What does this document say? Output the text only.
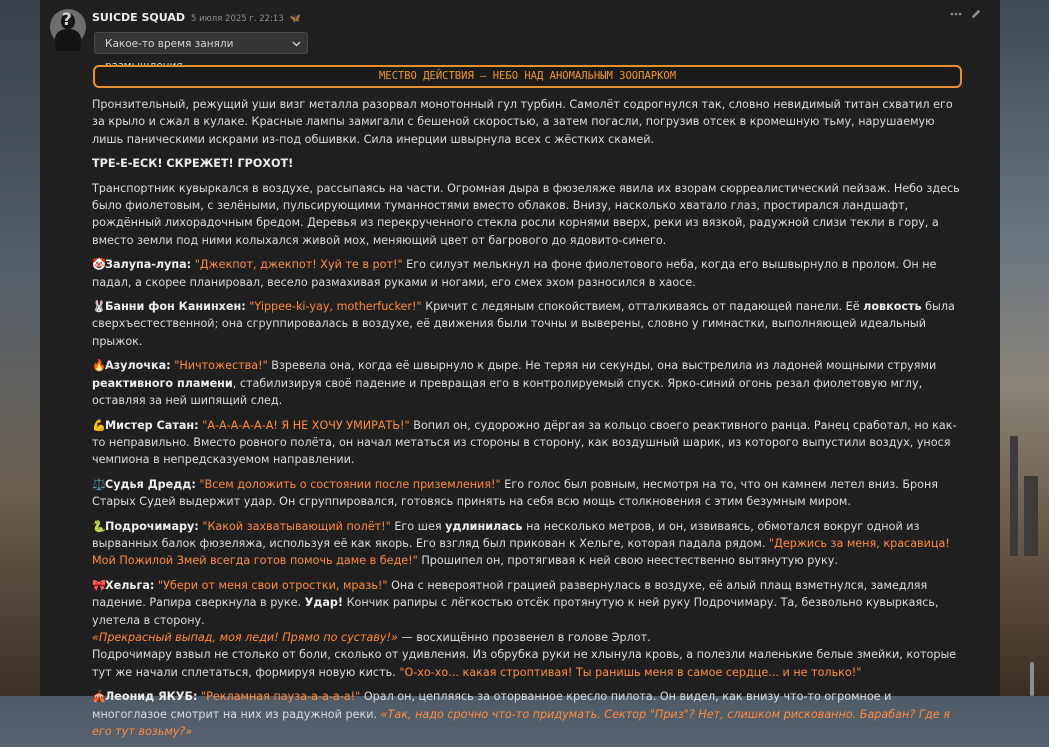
? SUICDE SQUAD 5 июля 2025 г. 22:13 🦋
Какое-то время заняли
МЕСТВО ДЕЙСТВИЯ – НЕБО НАД АНОМАЛЬНЫМ ЗООПАРКОМ

Пронзительный, режущий уши визг металла разорвал монотонный гул турбин. Самолёт содрогнулся так, словно невидимый титан схватил его за крыло и сжал в кулаке. Красные лампы замигали с бешеной скоростью, а затем погасли, погрузив отсек в кромешную тьму, нарушаемую лишь паническими искрами из-под обшивки. Сила инерции швырнула всех с жёстких скамей.

ТРЕ-Е-ЕСК! СКРЕЖЕТ! ГРОХОТ!

Транспортник кувыркался в воздухе, рассыпаясь на части. Огромная дыра в фюзеляже явила их взорам сюрреалистический пейзаж. Небо здесь было фиолетовым, с зелёными, пульсирующими туманностями вместо облаков. Внизу, насколько хватало глаз, простирался ландшафт, рождённый лихорадочным бредом. Деревья из перекрученного стекла росли корнями вверх, реки из вязкой, радужной слизи текли в гору, а вместо земли под ними колыхался живой мох, меняющий цвет от багрового до ядовито-синего.

🤡Залупа-лупа: "Джекпот, джекпот! Хуй те в рот!" Его силуэт мелькнул на фоне фиолетового неба, когда его вышвырнуло в пролом. Он не падал, а скорее планировал, весело размахивая руками и ногами, его смех эхом разносился в хаосе.

🐰Банни фон Канинхен: "Yippee-ki-yay, motherfucker!" Кричит с ледяным спокойствием, отталкиваясь от падающей панели. Её ловкость была сверхъестественной; она сгруппировалась в воздухе, её движения были точны и выверены, словно у гимнастки, выполняющей идеальный прыжок.

🔥Азулочка: "Ничтожества!" Взревела она, когда её швырнуло к дыре. Не теряя ни секунды, она выстрелила из ладоней мощными струями реактивного пламени, стабилизируя своё падение и превращая его в контролируемый спуск. Ярко-синий огонь резал фиолетовую мглу, оставляя за ней шипящий след.

💪Мистер Сатан: "А-А-А-А-А-А! Я НЕ ХОЧУ УМИРАТЬ!" Вопил он, судорожно дёргая за кольцо своего реактивного ранца. Ранец сработал, но как-то неправильно. Вместо ровного полёта, он начал метаться из стороны в сторону, как воздушный шарик, из которого выпустили воздух, унося чемпиона в непредсказуемом направлении.

⚖️Судья Дредд: "Всем доложить о состоянии после приземления!" Его голос был ровным, несмотря на то, что он камнем летел вниз. Броня Старых Судей выдержит удар. Он сгруппировался, готовясь принять на себя всю мощь столкновения с этим безумным миром.

🐍Подрочимару: "Какой захватывающий полёт!" Его шея удлинилась на несколько метров, и он, извиваясь, обмотался вокруг одной из вырванных балок фюзеляжа, используя её как якорь. Его взгляд был прикован к Хельге, которая падала рядом. "Держись за меня, красавица! Мой Пожилой Змей всегда готов помочь даме в беде!" Прошипел он, протягивая к ней свою неестественно вытянутую руку.

🎀Хельга: "Убери от меня свои отростки, мразь!" Она с невероятной грацией развернулась в воздухе, её алый плащ взметнулся, замедляя падение. Рапира сверкнула в руке. Удар! Кончик рапиры с лёгкостью отсёк протянутую к ней руку Подрочимару. Та, безвольно кувыркаясь, улетела в сторону.
«Прекрасный выпад, моя леди! Прямо по суставу!» — восхищённо прозвенел в голове Эрлот.
Подрочимару взвыл не столько от боли, сколько от удивления. Из обрубка руки не хлынула кровь, а полезли маленькие белые змейки, которые тут же начали сплетаться, формируя новую кисть. "О-хо-хо... какая строптивая! Ты ранишь меня в самое сердце... и не только!"

🎪Леонид ЯКУБ: "Рекламная пауза-а-а-а-а!" Орал он, цепляясь за оторванное кресло пилота. Он видел, как внизу что-то огромное и многоглазое смотрит на них из радужной реки. «Так, надо срочно что-то придумать. Сектор "Приз"? Нет, слишком рискованно. Барабан? Где я его тут возьму?»
